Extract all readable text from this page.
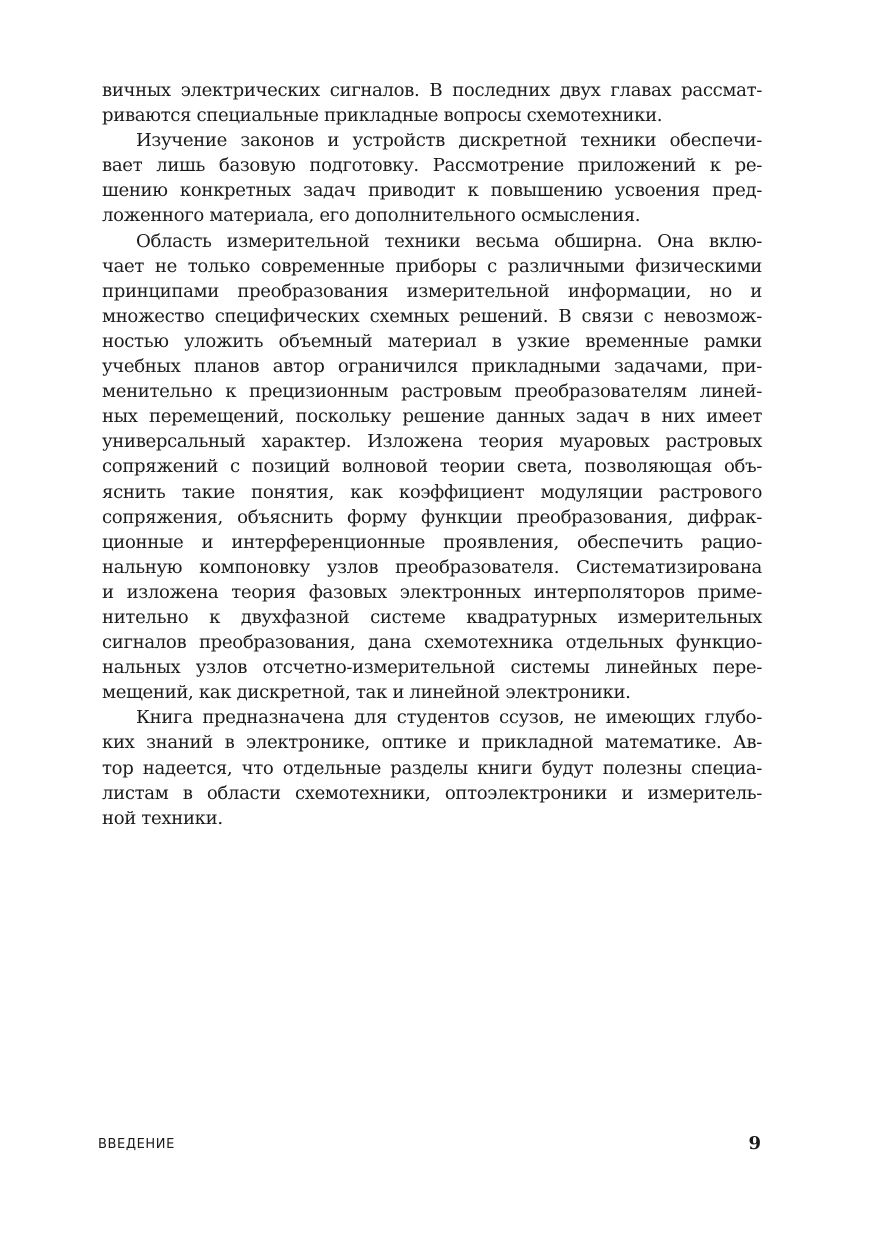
вичных электрических сигналов. В последних двух главах рассмат-
риваются специальные прикладные вопросы схемотехники.
Изучение законов и устройств дискретной техники обеспечи-
вает лишь базовую подготовку. Рассмотрение приложений к ре-
шению конкретных задач приводит к повышению усвоения пред-
ложенного материала, его дополнительного осмысления.
Область измерительной техники весьма обширна. Она вклю-
чает не только современные приборы с различными физическими
принципами преобразования измерительной информации, но и
множество специфических схемных решений. В связи с невозмож-
ностью уложить объемный материал в узкие временные рамки
учебных планов автор ограничился прикладными задачами, при-
менительно к прецизионным растровым преобразователям линей-
ных перемещений, поскольку решение данных задач в них имеет
универсальный характер. Изложена теория муаровых растровых
сопряжений с позиций волновой теории света, позволяющая объ-
яснить такие понятия, как коэффициент модуляции растрового
сопряжения, объяснить форму функции преобразования, дифрак-
ционные и интерференционные проявления, обеспечить рацио-
нальную компоновку узлов преобразователя. Систематизирована
и изложена теория фазовых электронных интерполяторов приме-
нительно к двухфазной системе квадратурных измерительных
сигналов преобразования, дана схемотехника отдельных функцио-
нальных узлов отсчетно-измерительной системы линейных пере-
мещений, как дискретной, так и линейной электроники.
Книга предназначена для студентов ссузов, не имеющих глубо-
ких знаний в электронике, оптике и прикладной математике. Ав-
тор надеется, что отдельные разделы книги будут полезны специа-
листам в области схемотехники, оптоэлектроники и измеритель-
ной техники.
ВВЕДЕНИЕ	9
